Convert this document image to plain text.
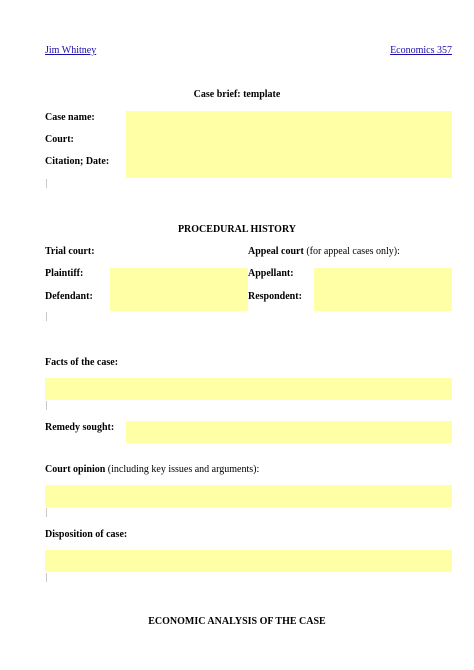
Jim Whitney	Economics 357
Case brief: template
Case name:
Court:
Citation; Date:
PROCEDURAL HISTORY
Trial court:	Appeal court (for appeal cases only):
Plaintiff:
Defendant:
Appellant:
Respondent:
Facts of the case:
Remedy sought:
Court opinion (including key issues and arguments):
Disposition of case:
ECONOMIC ANALYSIS OF THE CASE
